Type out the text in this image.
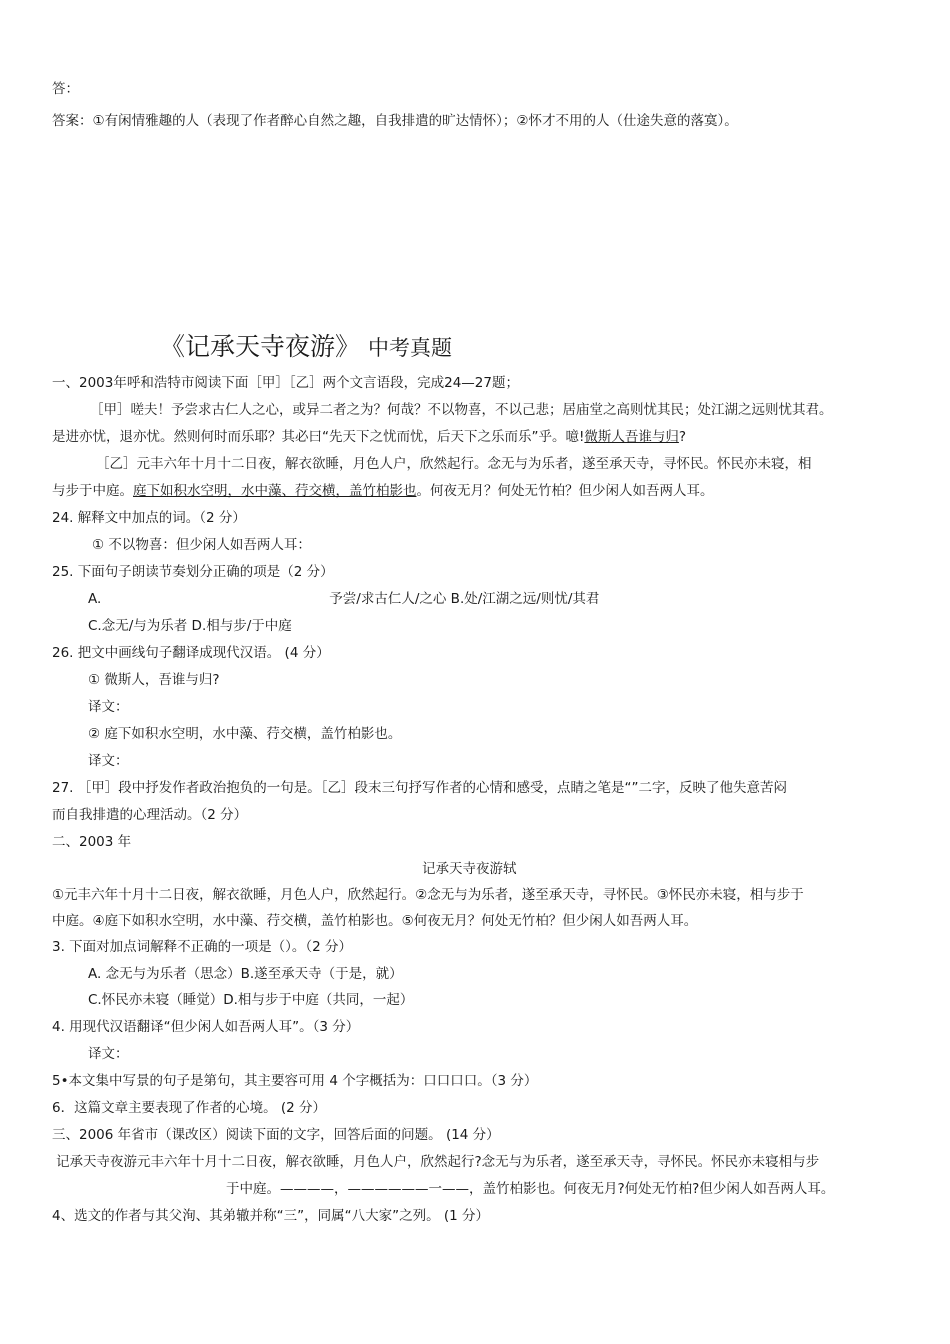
答：
答案：①有闲情雅趣的人（表现了作者醉心自然之趣，自我排遣的旷达情怀）；②怀才不用的人（仕途失意的落寞）。
《记承天寺夜游》 中考真题
一、2003年呼和浩特市阅读下面［甲］［乙］两个文言语段，完成24—27题；
［甲］嗟夫！予尝求古仁人之心，或异二者之为？何哉？不以物喜，不以己悲；居庙堂之高则忧其民；处江湖之远则忧其君。
是进亦忧，退亦忧。然则何时而乐耶？其必曰“先天下之忧而忧，后天下之乐而乐”乎。噫!微斯人吾谁与归?
［乙］元丰六年十月十二日夜，解衣欲睡，月色人户，欣然起行。念无与为乐者，遂至承天寺，寻怀民。怀民亦未寝，相
与步于中庭。庭下如积水空明，水中藻、荇交横，盖竹柏影也。何夜无月？何处无竹柏？但少闲人如吾两人耳。
24. 解释文中加点的词。（2 分）
① 不以物喜：但少闲人如吾两人耳：
25. 下面句子朗读节奏划分正确的项是（2 分）
A.	予尝/求古仁人/之心 B.处/江湖之远/则忧/其君
C.念无/与为乐者 D.相与步/于中庭
26. 把文中画线句子翻译成现代汉语。 (4 分）
① 微斯人，吾谁与归?
译文：
② 庭下如积水空明，水中藻、荇交横，盖竹柏影也。
译文：
27. ［甲］段中抒发作者政治抱负的一句是。［乙］段末三句抒写作者的心情和感受，点睛之笔是“”二字，反映了他失意苦闷
而自我排遣的心理活动。（2 分）
二、2003 年
记承天寺夜游轼
①元丰六年十月十二日夜，解衣欲睡，月色人户，欣然起行。②念无与为乐者，遂至承天寺，寻怀民。③怀民亦未寝，相与步于
中庭。④庭下如积水空明，水中藻、荇交横，盖竹柏影也。⑤何夜无月？何处无竹柏？但少闲人如吾两人耳。
3. 下面对加点词解释不正确的一项是（）。（2 分）
A. 念无与为乐者（思念）B.遂至承天寺（于是，就）
C.怀民亦未寝（睡觉）D.相与步于中庭（共同，一起）
4. 用现代汉语翻译“但少闲人如吾两人耳”。（3 分）
译文：
5•本文集中写景的句子是第句，其主要容可用 4 个字概括为：口口口口。（3 分）
6．这篇文章主要表现了作者的心境。 (2 分）
三、2006 年省市（课改区）阅读下面的文字，回答后面的问题。 (14 分）
记承天寺夜游元丰六年十月十二日夜，解衣欲睡，月色人户，欣然起行?念无与为乐者，遂至承天寺，寻怀民。怀民亦未寝相与步
于中庭。————，——————一——，盖竹柏影也。何夜无月?何处无竹柏?但少闲人如吾两人耳。
4、选文的作者与其父洵、其弟辙并称“三”，同属“八大家”之列。 (1 分）
